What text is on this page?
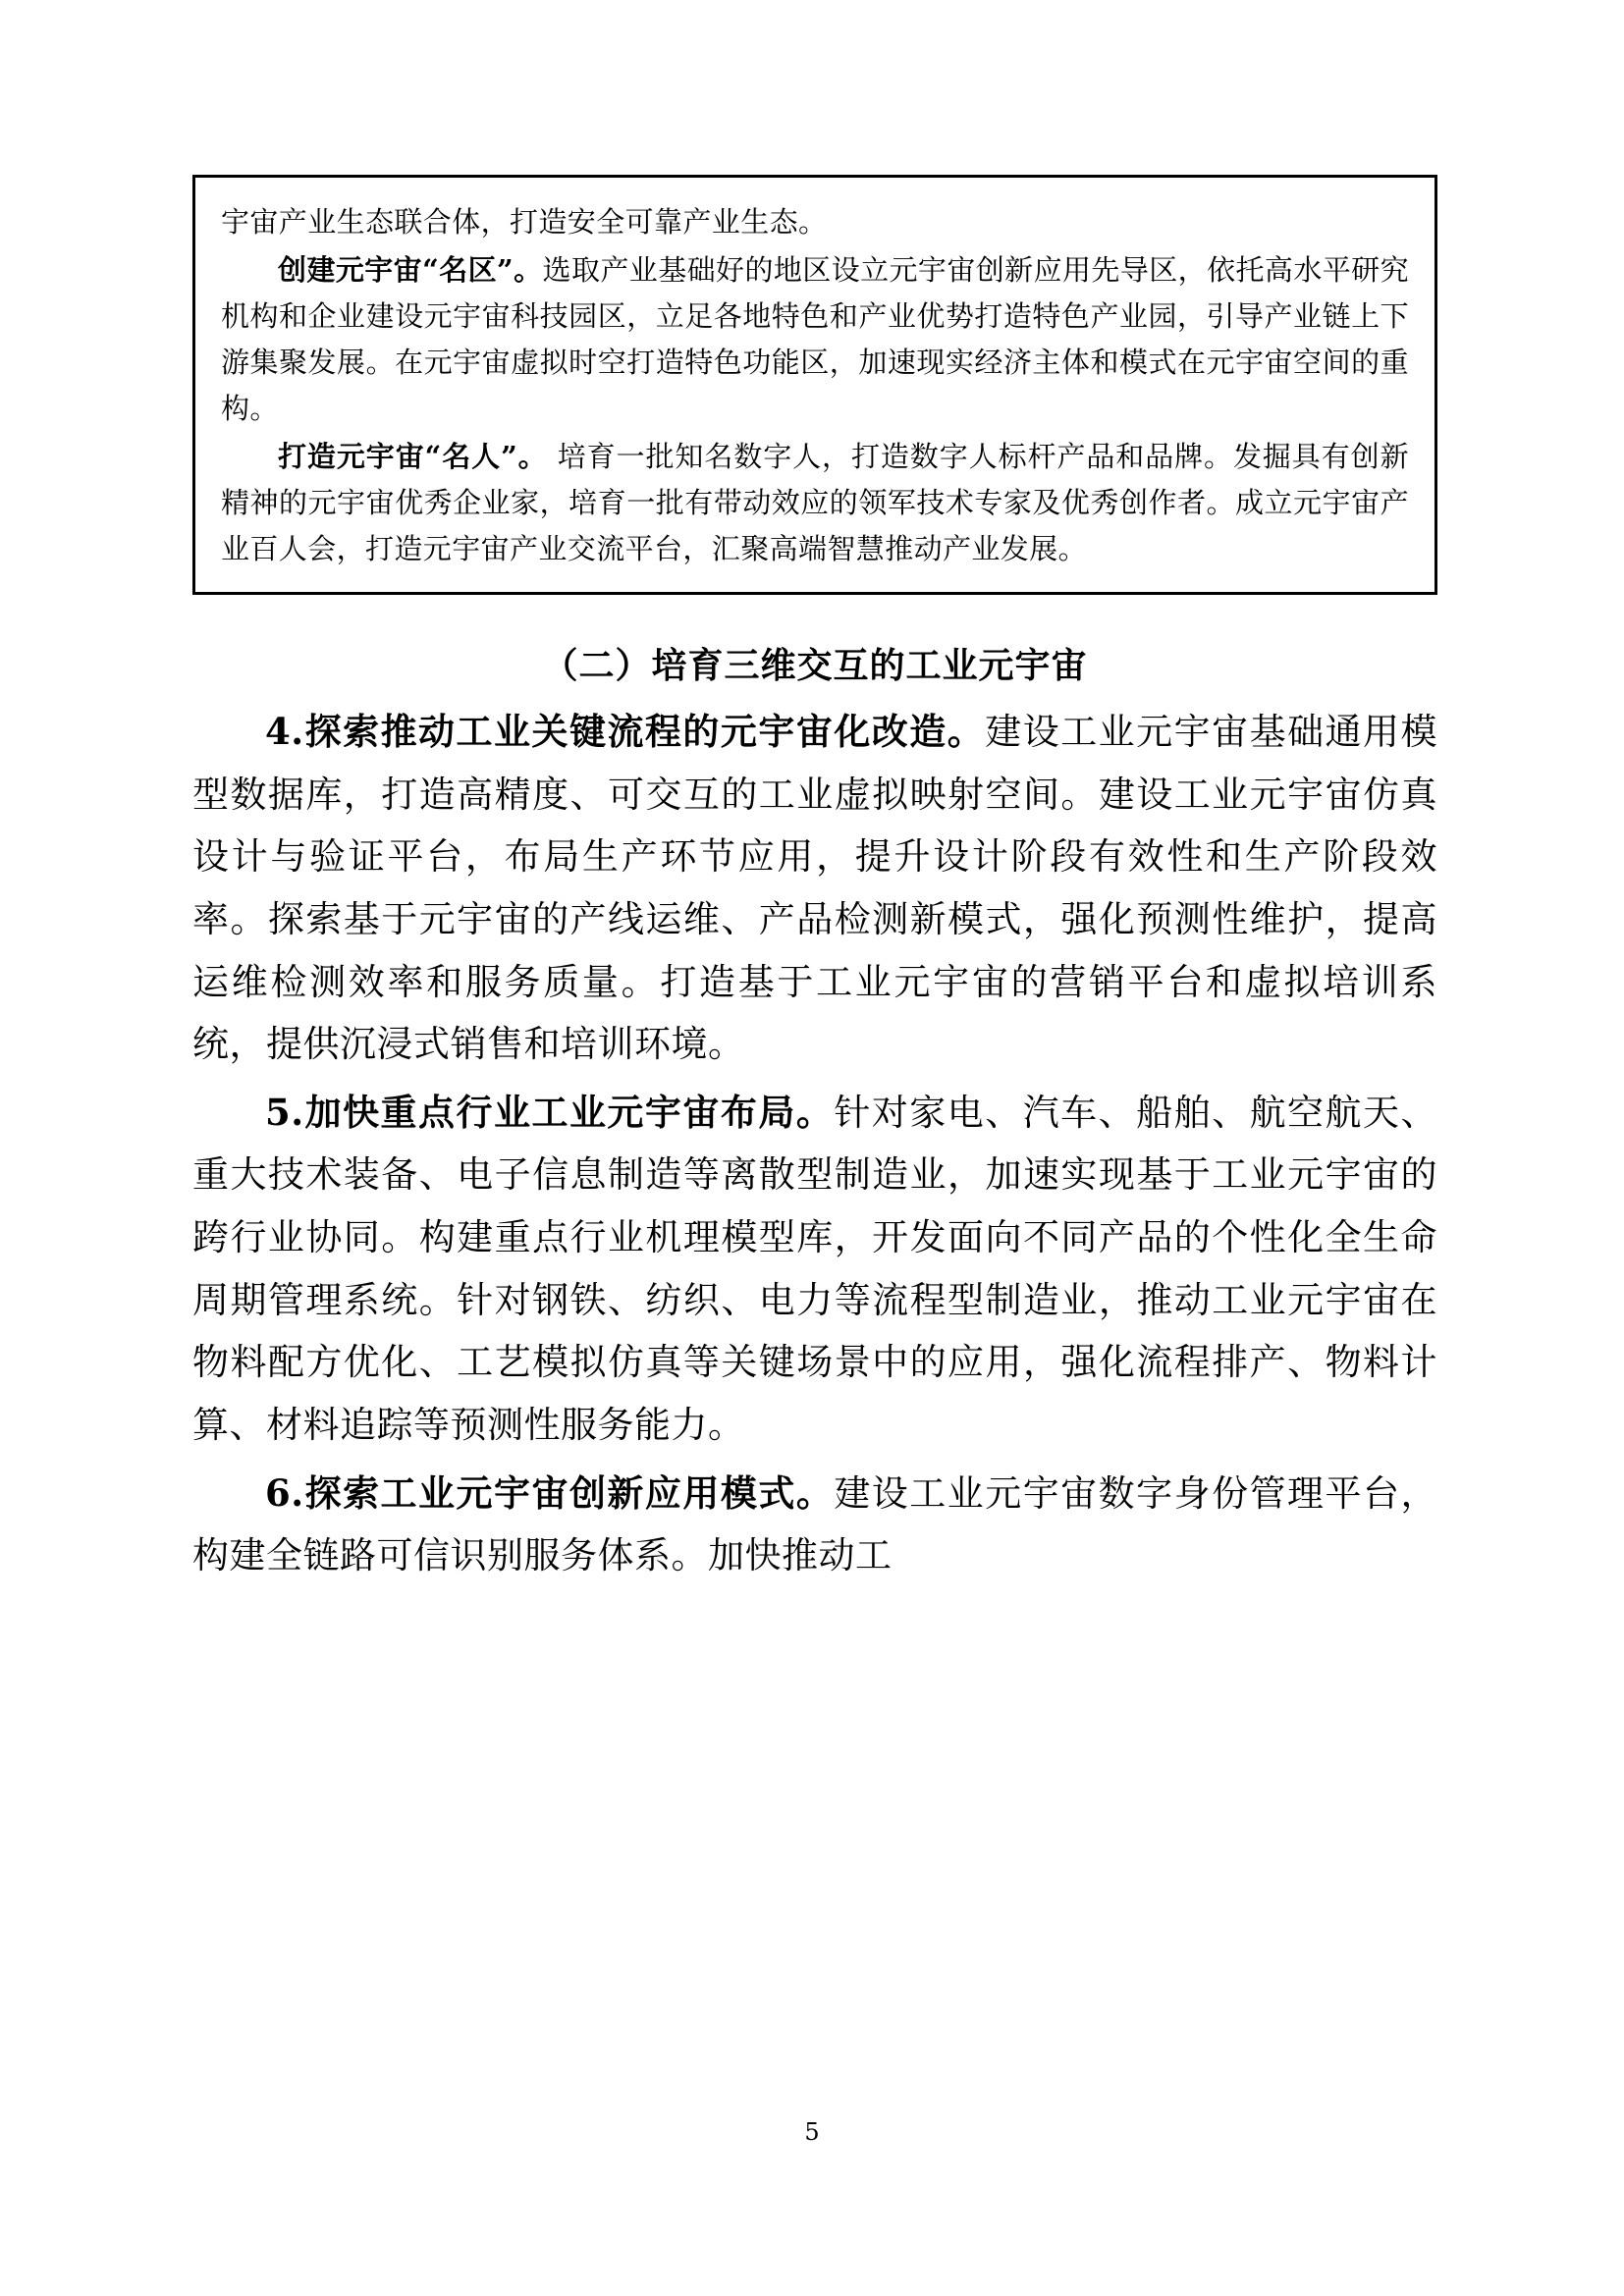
宇宙产业生态联合体，打造安全可靠产业生态。

创建元宇宙“名区”。选取产业基础好的地区设立元宇宙创新应用先导区，依托高水平研究机构和企业建设元宇宙科技园区，立足各地特色和产业优势打造特色产业园，引导产业链上下游集聚发展。在元宇宙虚拟时空打造特色功能区，加速现实经济主体和模式在元宇宙空间的重构。

打造元宇宙“名人”。 培育一批知名数字人，打造数字人标杆产品和品牌。发掘具有创新精神的元宇宙优秀企业家，培育一批有带动效应的领军技术专家及优秀创作者。成立元宇宙产业百人会，打造元宇宙产业交流平台，汇聚高端智慧推动产业发展。

（二）培育三维交互的工业元宇宙

4.探索推动工业关键流程的元宇宙化改造。建设工业元宇宙基础通用模型数据库，打造高精度、可交互的工业虚拟映射空间。建设工业元宇宙仿真设计与验证平台，布局生产环节应用，提升设计阶段有效性和生产阶段效率。探索基于元宇宙的产线运维、产品检测新模式，强化预测性维护，提高运维检测效率和服务质量。打造基于工业元宇宙的营销平台和虚拟培训系统，提供沉浸式销售和培训环境。

5.加快重点行业工业元宇宙布局。针对家电、汽车、船舶、航空航天、重大技术装备、电子信息制造等离散型制造业，加速实现基于工业元宇宙的跨行业协同。构建重点行业机理模型库，开发面向不同产品的个性化全生命周期管理系统。针对钢铁、纺织、电力等流程型制造业，推动工业元宇宙在物料配方优化、工艺模拟仿真等关键场景中的应用，强化流程排产、物料计算、材料追踪等预测性服务能力。

6.探索工业元宇宙创新应用模式。建设工业元宇宙数字身份管理平台，构建全链路可信识别服务体系。加快推动工

5
